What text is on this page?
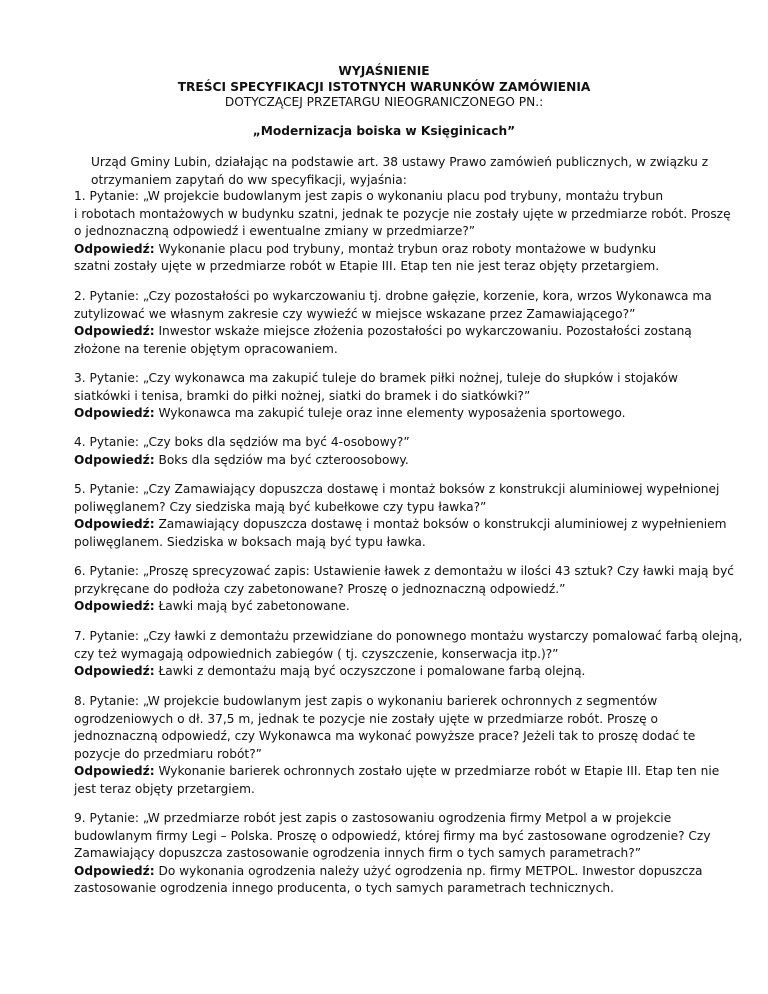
WYJAŚNIENIE
TREŚCI SPECYFIKACJI ISTOTNYCH WARUNKÓW ZAMÓWIENIA
DOTYCZĄCEJ PRZETARGU NIEOGRANICZONEGO PN.:
„Modernizacja boiska w Księginicach”
Urząd Gminy Lubin, działając na podstawie art. 38 ustawy Prawo zamówień publicznych, w związku z
otrzymaniem zapytań do ww specyfikacji, wyjaśnia:

1. Pytanie: „W projekcie budowlanym jest zapis o wykonaniu placu pod trybuny, montażu trybun
i robotach montażowych w budynku szatni, jednak te pozycje nie zostały ujęte w przedmiarze robót. Proszę
o jednoznaczną odpowiedź i ewentualne zmiany w przedmiarze?”

Odpowiedź: Wykonanie placu pod trybuny, montaż trybun oraz roboty montażowe w budynku
szatni zostały ujęte w przedmiarze robót w Etapie III. Etap ten nie jest teraz objęty przetargiem.

2. Pytanie: „Czy pozostałości po wykarczowaniu tj. drobne gałęzie, korzenie, kora, wrzos Wykonawca ma
zutylizować we własnym zakresie czy wywieźć w miejsce wskazane przez Zamawiającego?”

Odpowiedź: Inwestor wskaże miejsce złożenia pozostałości po wykarczowaniu. Pozostałości zostaną
złożone na terenie objętym opracowaniem.

3. Pytanie: „Czy wykonawca ma zakupić tuleje do bramek piłki nożnej, tuleje do słupków i stojaków
siatkówki i tenisa, bramki do piłki nożnej, siatki do bramek i do siatkówki?”

Odpowiedź: Wykonawca ma zakupić tuleje oraz inne elementy wyposażenia sportowego.

4. Pytanie: „Czy boks dla sędziów ma być 4-osobowy?”

Odpowiedź: Boks dla sędziów ma być czteroosobowy.

5. Pytanie: „Czy Zamawiający dopuszcza dostawę i montaż boksów z konstrukcji aluminiowej wypełnionej
poliwęglanem? Czy siedziska mają być kubełkowe czy typu ławka?”

Odpowiedź: Zamawiający dopuszcza dostawę i montaż boksów o konstrukcji aluminiowej z wypełnieniem
poliwęglanem. Siedziska w boksach mają być typu ławka.

6. Pytanie: „Proszę sprecyzować zapis: Ustawienie ławek z demontażu w ilości 43 sztuk? Czy ławki mają być
przykręcane do podłoża czy zabetonowane? Proszę o jednoznaczną odpowiedź.”

Odpowiedź: Ławki mają być zabetonowane.

7. Pytanie: „Czy ławki z demontażu przewidziane do ponownego montażu wystarczy pomalować farbą olejną,
czy też wymagają odpowiednich zabiegów ( tj. czyszczenie, konserwacja itp.)?”

Odpowiedź: Ławki z demontażu mają być oczyszczone i pomalowane farbą olejną.

8. Pytanie: „W projekcie budowlanym jest zapis o wykonaniu barierek ochronnych z segmentów
ogrodzeniowych o dł. 37,5 m, jednak te pozycje nie zostały ujęte w przedmiarze robót. Proszę o
jednoznaczną odpowiedź, czy Wykonawca ma wykonać powyższe prace? Jeżeli tak to proszę dodać te
pozycje do przedmiaru robót?”

Odpowiedź: Wykonanie barierek ochronnych zostało ujęte w przedmiarze robót w Etapie III. Etap ten nie
jest teraz objęty przetargiem.

9. Pytanie: „W przedmiarze robót jest zapis o zastosowaniu ogrodzenia firmy Metpol a w projekcie
budowlanym firmy Legi – Polska. Proszę o odpowiedź, której firmy ma być zastosowane ogrodzenie? Czy
Zamawiający dopuszcza zastosowanie ogrodzenia innych firm o tych samych parametrach?”

Odpowiedź: Do wykonania ogrodzenia należy użyć ogrodzenia np. firmy METPOL. Inwestor dopuszcza
zastosowanie ogrodzenia innego producenta, o tych samych parametrach technicznych.
